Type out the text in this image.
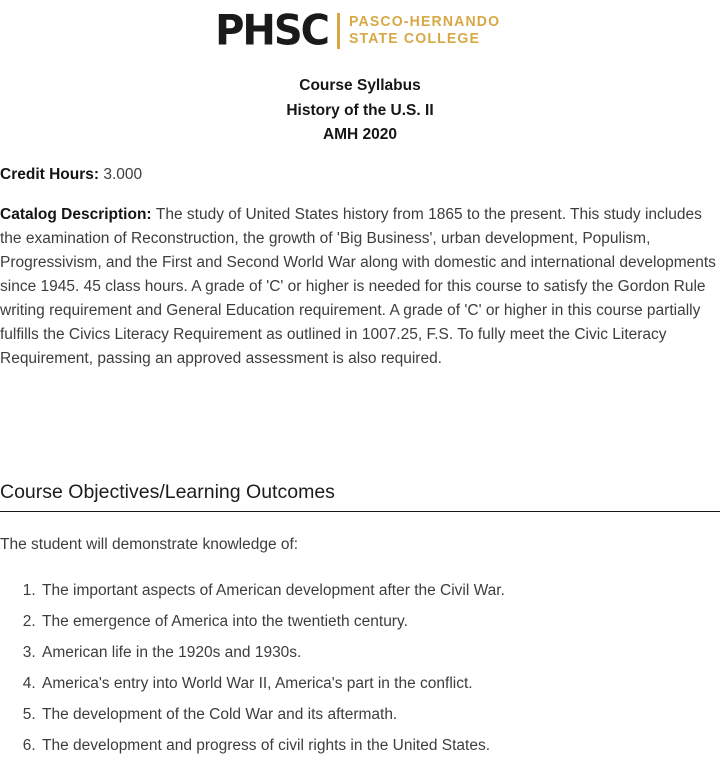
PHSC PASCO-HERNANDO
STATE COLLEGE
Course Syllabus
History of the U.S. II
AMH 2020
Credit Hours: 3.000
Catalog Description: The study of United States history from 1865 to the present. This study includes the examination of Reconstruction, the growth of 'Big Business', urban development, Populism, Progressivism, and the First and Second World War along with domestic and international developments since 1945. 45 class hours. A grade of 'C' or higher is needed for this course to satisfy the Gordon Rule writing requirement and General Education requirement. A grade of 'C' or higher in this course partially fulfills the Civics Literacy Requirement as outlined in 1007.25, F.S. To fully meet the Civic Literacy Requirement, passing an approved assessment is also required.
Course Objectives/Learning Outcomes
The student will demonstrate knowledge of:
1. The important aspects of American development after the Civil War.
2. The emergence of America into the twentieth century.
3. American life in the 1920s and 1930s.
4. America's entry into World War II, America's part in the conflict.
5. The development of the Cold War and its aftermath.
6. The development and progress of civil rights in the United States.
